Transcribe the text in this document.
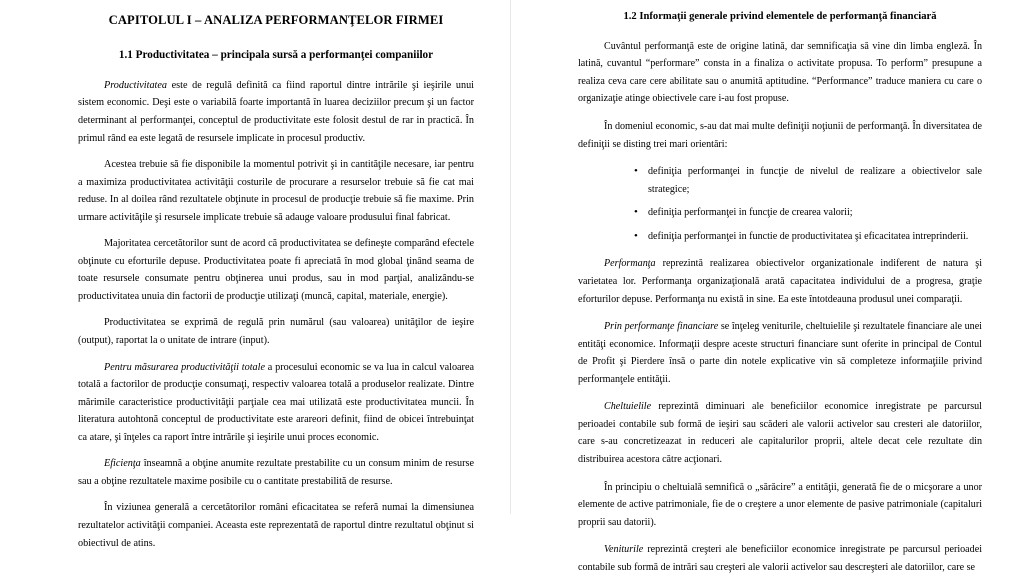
CAPITOLUL I – ANALIZA PERFORMANŢELOR FIRMEI
1.1 Productivitatea – principala sursă a performanţei companiilor

Productivitatea este de regulă definită ca fiind raportul dintre intrările şi ieşirile unui sistem economic. Deşi este o variabilă foarte importantă în luarea deciziilor precum şi un factor determinant al performanţei, conceptul de productivitate este folosit destul de rar in practică. În primul rând ea este legată de resursele implicate in procesul productiv.

Acestea trebuie să fie disponibile la momentul potrivit şi in cantităţile necesare, iar pentru a maximiza productivitatea activităţii costurile de procurare a resurselor trebuie să fie cat mai reduse. In al doilea rând rezultatele obţinute in procesul de producţie trebuie să fie maxime. Prin urmare activităţile şi resursele implicate trebuie să adauge valoare produsului final fabricat.

Majoritatea cercetătorilor sunt de acord că productivitatea se defineşte comparând efectele obţinute cu eforturile depuse. Productivitatea poate fi apreciată în mod global ţinând seama de toate resursele consumate pentru obţinerea unui produs, sau in mod parţial, analizându-se productivitatea unuia din factorii de producţie utilizaţi (muncă, capital, materiale, energie).

Productivitatea se exprimă de regulă prin numărul (sau valoarea) unităţilor de ieşire (output), raportat la o unitate de intrare (input).

Pentru măsurarea productivităţii totale a procesului economic se va lua in calcul valoarea totală a factorilor de producţie consumaţi, respectiv valoarea totală a produselor realizate. Dintre mărimile caracteristice productivităţii parţiale cea mai utilizată este productivitatea muncii. În literatura autohtonă conceptul de productivitate este arareori definit, fiind de obicei întrebuinţat ca atare, şi înţeles ca raport între intrările şi ieşirile unui proces economic.

Eficienţa înseamnă a obţine anumite rezultate prestabilite cu un consum minim de resurse sau a obţine rezultatele maxime posibile cu o cantitate prestabilită de resurse.

În viziunea generală a cercetătorilor români eficacitatea se referă numai la dimensiunea rezultatelor activităţii companiei. Aceasta este reprezentată de raportul dintre rezultatul obţinut si obiectivul de atins.

1.2 Informaţii generale privind elementele de performanţă financiară

Cuvântul performanţă este de origine latină, dar semnificaţia să vine din limba engleză. În latină, cuvantul “performare” consta in a finaliza o activitate propusa. To perform” presupune a realiza ceva care cere abilitate sau o anumită aptitudine. “Performance” traduce maniera cu care o organizaţie atinge obiectivele care i-au fost propuse.

În domeniul economic, s-au dat mai multe definiţii noţiunii de performanţă. În diversitatea de definiţii se disting trei mari orientări:

• definiţia performanţei in funcţie de nivelul de realizare a obiectivelor sale strategice;
• definiţia performanţei in funcţie de crearea valorii;
• definiţia performanţei in functie de productivitatea şi eficacitatea intreprinderii.

Performanţa reprezintă realizarea obiectivelor organizationale indiferent de natura şi varietatea lor. Performanţa organizaţională arată capacitatea individului de a progresa, graţie eforturilor depuse. Performanţa nu există in sine. Ea este întotdeauna produsul unei comparaţii.

Prin performanţe financiare se înţeleg veniturile, cheltuielile şi rezultatele financiare ale unei entităţi economice. Informaţii despre aceste structuri financiare sunt oferite in principal de Contul de Profit şi Pierdere însă o parte din notele explicative vin să completeze informaţiile privind performanţele entităţii.

Cheltuielile reprezintă diminuari ale beneficiilor economice inregistrate pe parcursul perioadei contabile sub formă de ieşiri sau scăderi ale valorii activelor sau cresteri ale datoriilor, care s-au concretizeazat in reduceri ale capitalurilor proprii, altele decat cele rezultate din distribuirea acestora către acţionari.

În principiu o cheltuială semnifică o „sărăcire” a entităţii, generată fie de o micşorare a unor elemente de active patrimoniale, fie de o creştere a unor elemente de pasive patrimoniale (capitaluri proprii sau datorii).

Veniturile reprezintă creşteri ale beneficiilor economice inregistrate pe parcursul perioadei contabile sub formă de intrări sau creşteri ale valorii activelor sau descreşteri ale datoriilor, care se
